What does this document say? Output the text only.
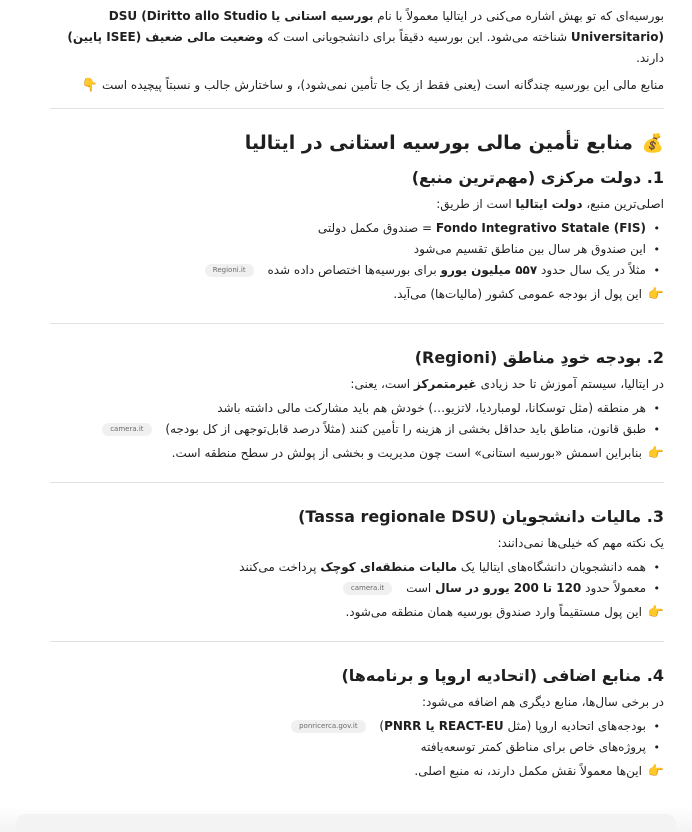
بورسیه‌ای که تو بهش اشاره می‌کنی در ایتالیا معمولاً با نام بورسیه استانی یا DSU (Diritto allo Studio Universitario) شناخته می‌شود. این بورسیه دقیقاً برای دانشجویانی است که وضعیت مالی ضعیف (ISEE پایین) دارند.

منابع مالی این بورسیه چندگانه است (یعنی فقط از یک جا تأمین نمی‌شود)، و ساختارش جالب و نسبتاً پیچیده است 👇

💰 منابع تأمین مالی بورسیه استانی در ایتالیا
1. دولت مرکزی (مهم‌ترین منبع)

اصلی‌ترین منبع، دولت ایتالیا است از طریق:

• Fondo Integrativo Statale (FIS) = صندوق مکمل دولتی
• این صندوق هر سال بین مناطق تقسیم می‌شود
• مثلاً در یک سال حدود ۵۵۷ میلیون یورو برای بورسیه‌ها اختصاص داده شده Regioni.it

👉 این پول از بودجه عمومی کشور (مالیات‌ها) می‌آید.

2. بودجه خودِ مناطق (Regioni)

در ایتالیا، سیستم آموزش تا حد زیادی غیرمتمرکز است، یعنی:

• هر منطقه (مثل توسکانا، لومباردیا، لاتزیو…) خودش هم باید مشارکت مالی داشته باشد
• طبق قانون، مناطق باید حداقل بخشی از هزینه را تأمین کنند (مثلاً درصد قابل‌توجهی از کل بودجه) camera.it

👉 بنابراین اسمش «بورسیه استانی» است چون مدیریت و بخشی از پولش در سطح منطقه است.

3. مالیات دانشجویان (Tassa regionale DSU)

یک نکته مهم که خیلی‌ها نمی‌دانند:

• همه دانشجویان دانشگاه‌های ایتالیا یک مالیات منطقه‌ای کوچک پرداخت می‌کنند
• معمولاً حدود 120 تا 200 یورو در سال است camera.it

👉 این پول مستقیماً وارد صندوق بورسیه همان منطقه می‌شود.

4. منابع اضافی (اتحادیه اروپا و برنامه‌ها)

در برخی سال‌ها، منابع دیگری هم اضافه می‌شود:

• بودجه‌های اتحادیه اروپا (مثل REACT-EU یا PNRR) ponricerca.gov.it
• پروژه‌های خاص برای مناطق کمتر توسعه‌یافته

👉 این‌ها معمولاً نقش مکمل دارند، نه منبع اصلی.
